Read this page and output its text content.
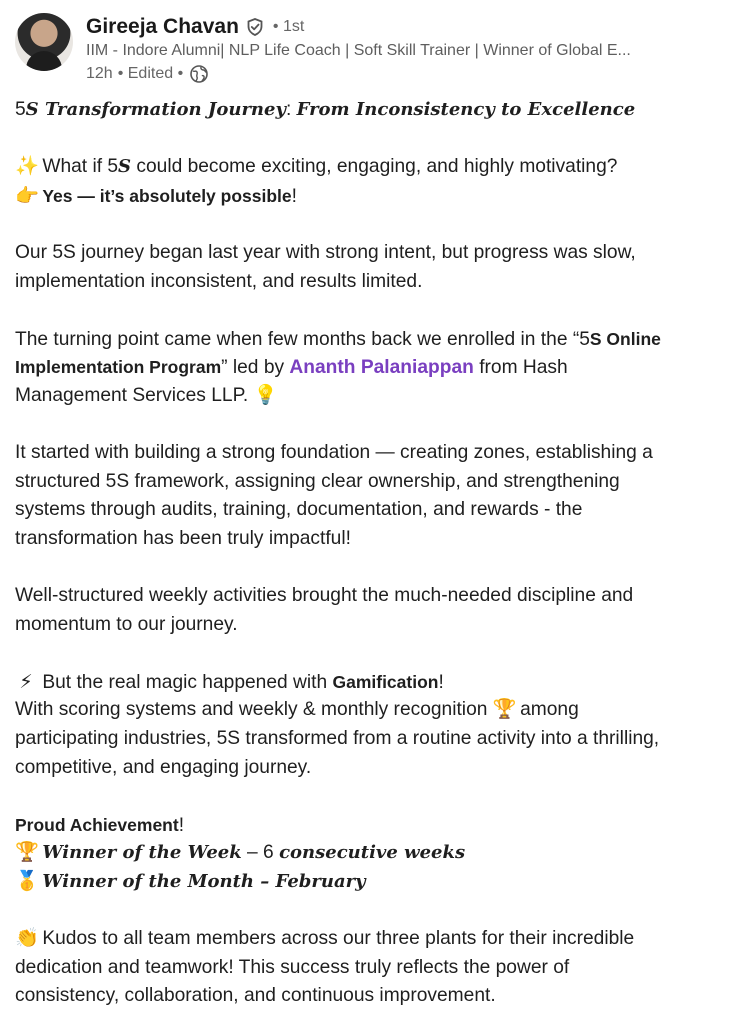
Gireeja Chavan • 1st
IIM - Indore Alumni| NLP Life Coach | Soft Skill Trainer | Winner of Global E...
12h • Edited •
5S Transformation Journey: From Inconsistency to Excellence
✨ What if 5S could become exciting, engaging, and highly motivating?
👉 Yes — it’s absolutely possible!
Our 5S journey began last year with strong intent, but progress was slow,
implementation inconsistent, and results limited.
The turning point came when few months back we enrolled in the “5S Online
Implementation Program” led by Ananth Palaniappan from Hash
Management Services LLP. 💡
It started with building a strong foundation — creating zones, establishing a
structured 5S framework, assigning clear ownership, and strengthening
systems through audits, training, documentation, and rewards - the
transformation has been truly impactful!
Well-structured weekly activities brought the much-needed discipline and
momentum to our journey.
⚡ But the real magic happened with Gamification!
With scoring systems and weekly & monthly recognition 🏆 among
participating industries, 5S transformed from a routine activity into a thrilling,
competitive, and engaging journey.
Proud Achievement!
🏆 Winner of the Week – 6 consecutive weeks
🥇 Winner of the Month – February
👏 Kudos to all team members across our three plants for their incredible
dedication and teamwork! This success truly reflects the power of
consistency, collaboration, and continuous improvement.
